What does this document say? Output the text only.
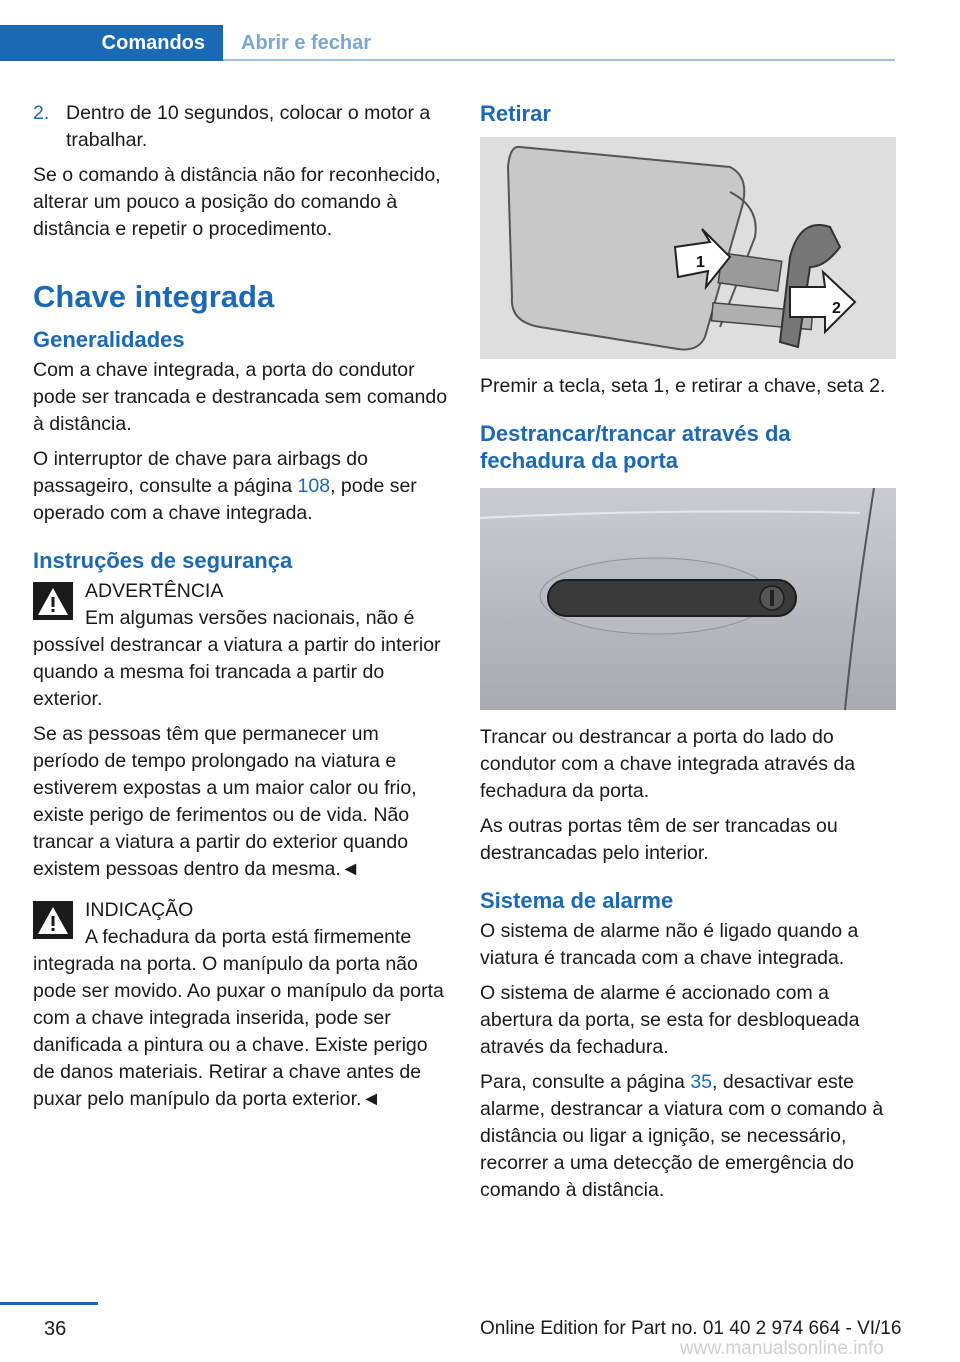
Comandos	Abrir e fechar
2. Dentro de 10 segundos, colocar o motor a trabalhar.

Se o comando à distância não for reconhecido, alterar um pouco a posição do comando à distância e repetir o procedimento.

Chave integrada
Generalidades

Com a chave integrada, a porta do condutor pode ser trancada e destrancada sem comando à distância.

O interruptor de chave para airbags do passageiro, consulte a página 108, pode ser operado com a chave integrada.

Instruções de segurança
ADVERTÊNCIA

Em algumas versões nacionais, não é possível destrancar a viatura a partir do interior quando a mesma foi trancada a partir do exterior.

Se as pessoas têm que permanecer um período de tempo prolongado na viatura e estiverem expostas a um maior calor ou frio, existe perigo de ferimentos ou de vida. Não trancar a viatura a partir do exterior quando existem pessoas dentro da mesma.◄

INDICAÇÃO

A fechadura da porta está firmemente integrada na porta. O manípulo da porta não pode ser movido. Ao puxar o manípulo da porta com a chave integrada inserida, pode ser danificada a pintura ou a chave. Existe perigo de danos materiais. Retirar a chave antes de puxar pelo manípulo da porta exterior.◄

Retirar
1
2

Premir a tecla, seta 1, e retirar a chave, seta 2.

Destrancar/trancar através da fechadura da porta

Trancar ou destrancar a porta do lado do condutor com a chave integrada através da fechadura da porta.

As outras portas têm de ser trancadas ou destrancadas pelo interior.

Sistema de alarme

O sistema de alarme não é ligado quando a viatura é trancada com a chave integrada.

O sistema de alarme é accionado com a abertura da porta, se esta for desbloqueada através da fechadura.

Para, consulte a página 35, desactivar este alarme, destrancar a viatura com o comando à distância ou ligar a ignição, se necessário, recorrer a uma detecção de emergência do comando à distância.

36	Online Edition for Part no. 01 40 2 974 664 - VI/16
www.manualsonline.info
